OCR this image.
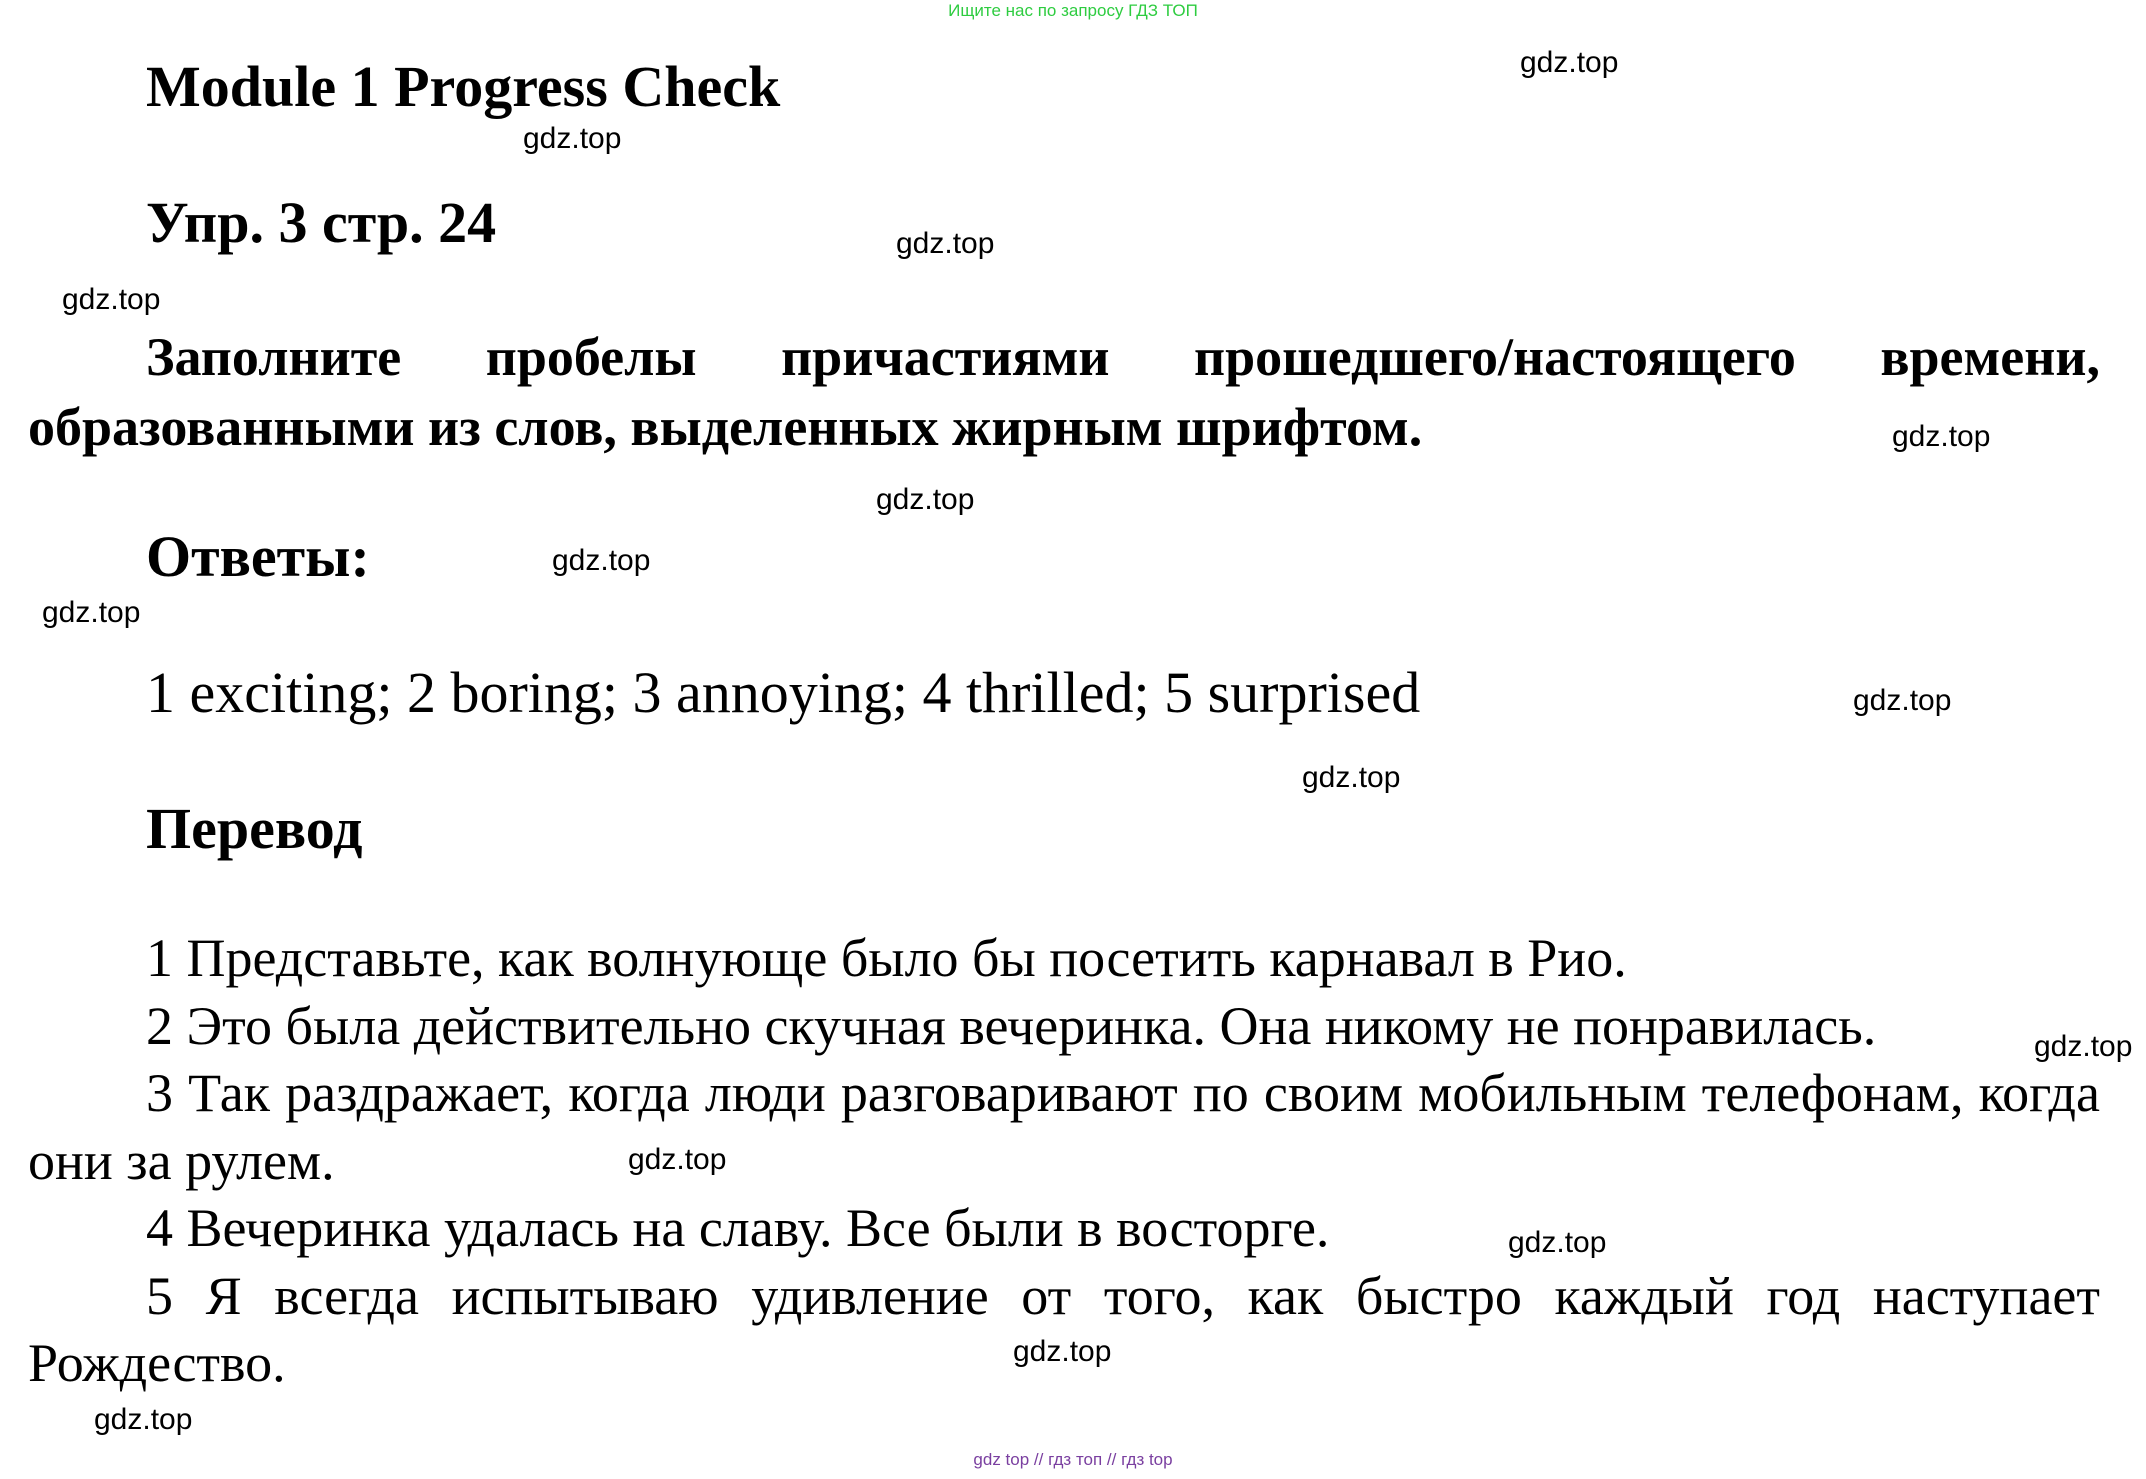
Ищите нас по запросу ГДЗ ТОП
Module 1 Progress Check
Упр. 3 стр. 24
Заполните пробелы причастиями прошедшего/настоящего времени, образованными из слов, выделенных жирным шрифтом.
Ответы:
1 exciting; 2 boring; 3 annoying; 4 thrilled; 5 surprised
Перевод

1 Представьте, как волнующе было бы посетить карнавал в Рио.

2 Это была действительно скучная вечеринка. Она никому не понравилась.

3 Так раздражает, когда люди разговаривают по своим мобильным телефонам, когда они за рулем.

4 Вечеринка удалась на славу. Все были в восторге.

5 Я всегда испытываю удивление от того, как быстро каждый год наступает Рождество.

gdz.top
gdz.top
gdz.top
gdz.top
gdz.top
gdz.top
gdz.top
gdz.top
gdz.top
gdz.top
gdz.top
gdz.top
gdz.top
gdz.top
gdz.top
gdz top // гдз топ // гдз top
